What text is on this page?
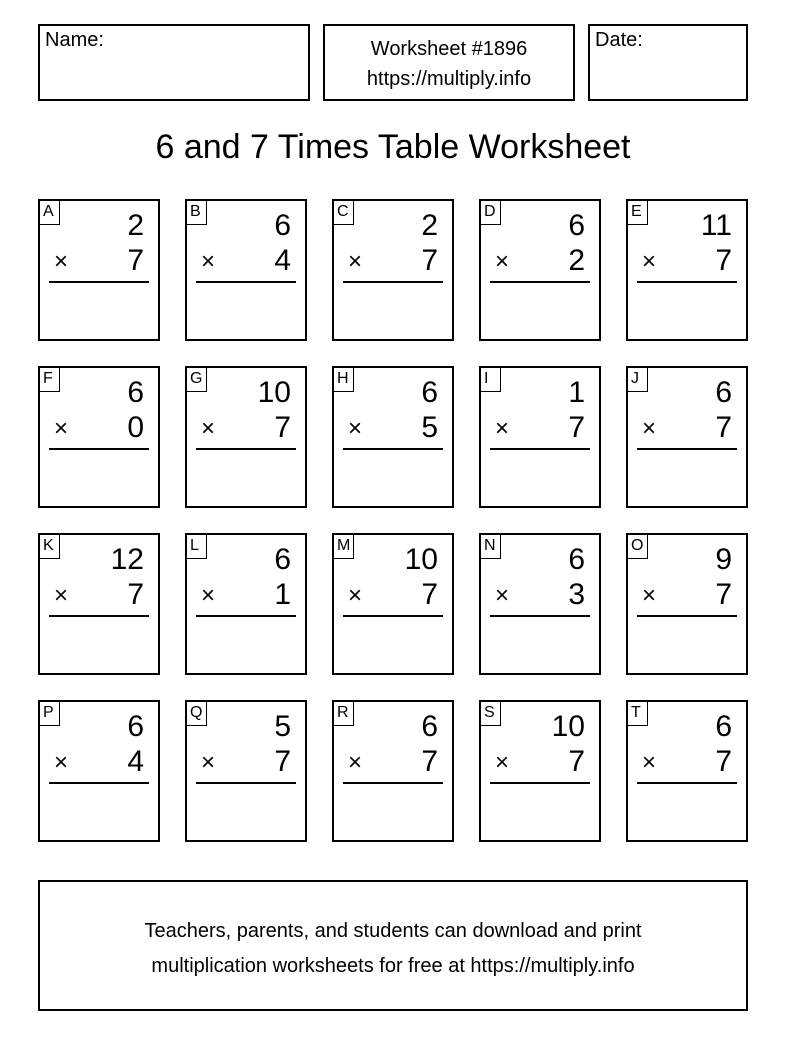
Name:	Worksheet #1896
https://multiply.info
Date:
6 and 7 Times Table Worksheet
A 2
× 7
B 6
× 4
C 2
× 7
D 6
× 2
E 11
× 7
F 6
× 0
G 10
× 7
H 6
× 5
I	1
× 7
J	6
× 7
K 12
× 7
L	6
× 1
M 10
× 7
N 6
× 3
O 9
× 7
P 6
× 4
Q 5
× 7
R 6
× 7
S 10
× 7
T 6
× 7
Teachers, parents, and students can download and print
multiplication worksheets for free at https://multiply.info
